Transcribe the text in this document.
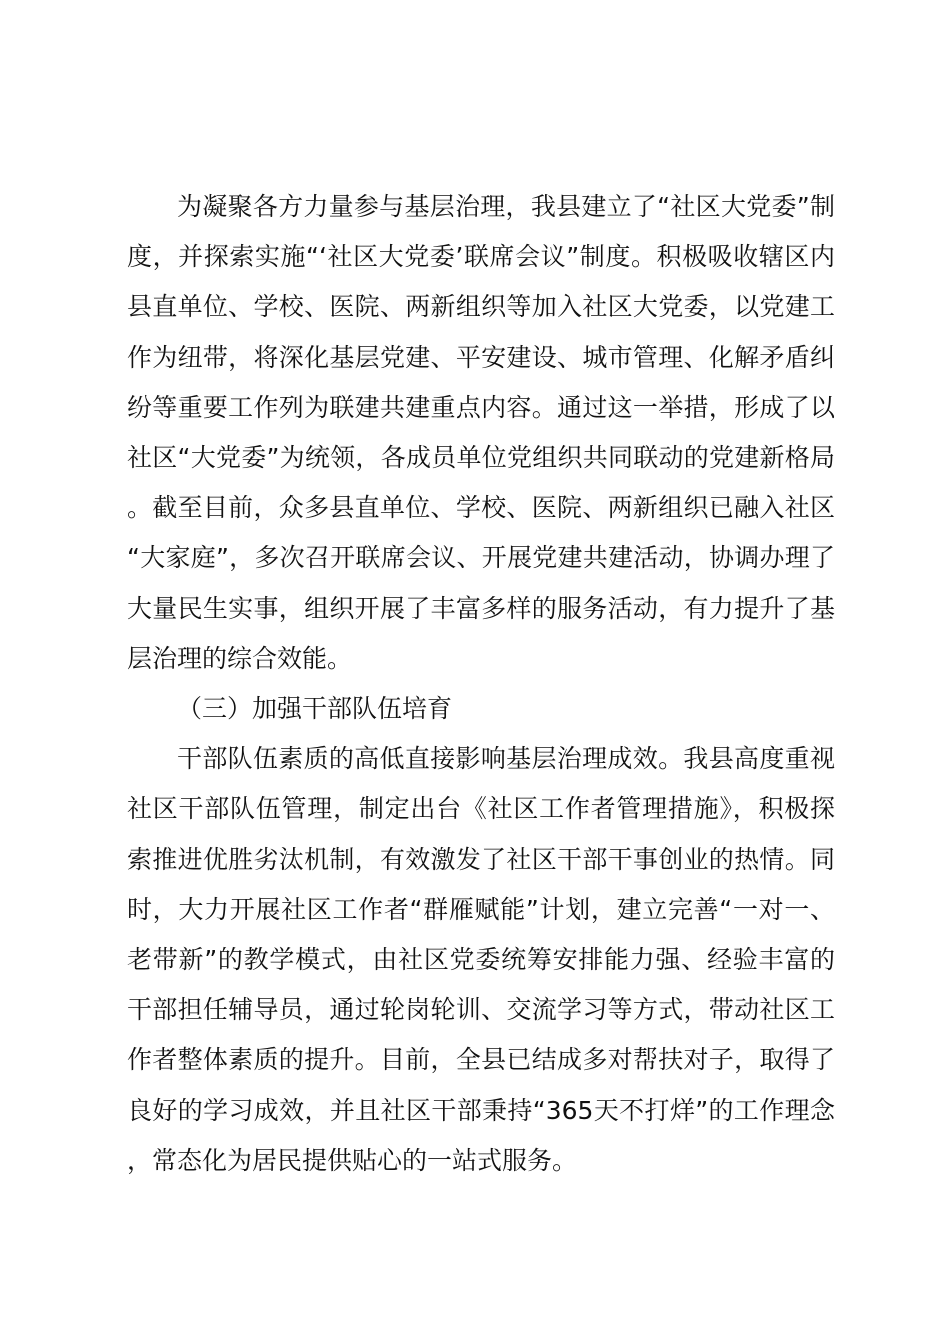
为凝聚各方力量参与基层治理，我县建立了“社区大党委”制度，并探索实施“‘社区大党委’联席会议”制度。积极吸收辖区内县直单位、学校、医院、两新组织等加入社区大党委，以党建工作为纽带，将深化基层党建、平安建设、城市管理、化解矛盾纠纷等重要工作列为联建共建重点内容。通过这一举措，形成了以社区“大党委”为统领，各成员单位党组织共同联动的党建新格局。截至目前，众多县直单位、学校、医院、两新组织已融入社区“大家庭”，多次召开联席会议、开展党建共建活动，协调办理了大量民生实事，组织开展了丰富多样的服务活动，有力提升了基层治理的综合效能。

（三）加强干部队伍培育

干部队伍素质的高低直接影响基层治理成效。我县高度重视社区干部队伍管理，制定出台《社区工作者管理措施》，积极探索推进优胜劣汰机制，有效激发了社区干部干事创业的热情。同时，大力开展社区工作者“群雁赋能”计划，建立完善“一对一、老带新”的教学模式，由社区党委统筹安排能力强、经验丰富的干部担任辅导员，通过轮岗轮训、交流学习等方式，带动社区工作者整体素质的提升。目前，全县已结成多对帮扶对子，取得了良好的学习成效，并且社区干部秉持“365天不打烊”的工作理念，常态化为居民提供贴心的一站式服务。
